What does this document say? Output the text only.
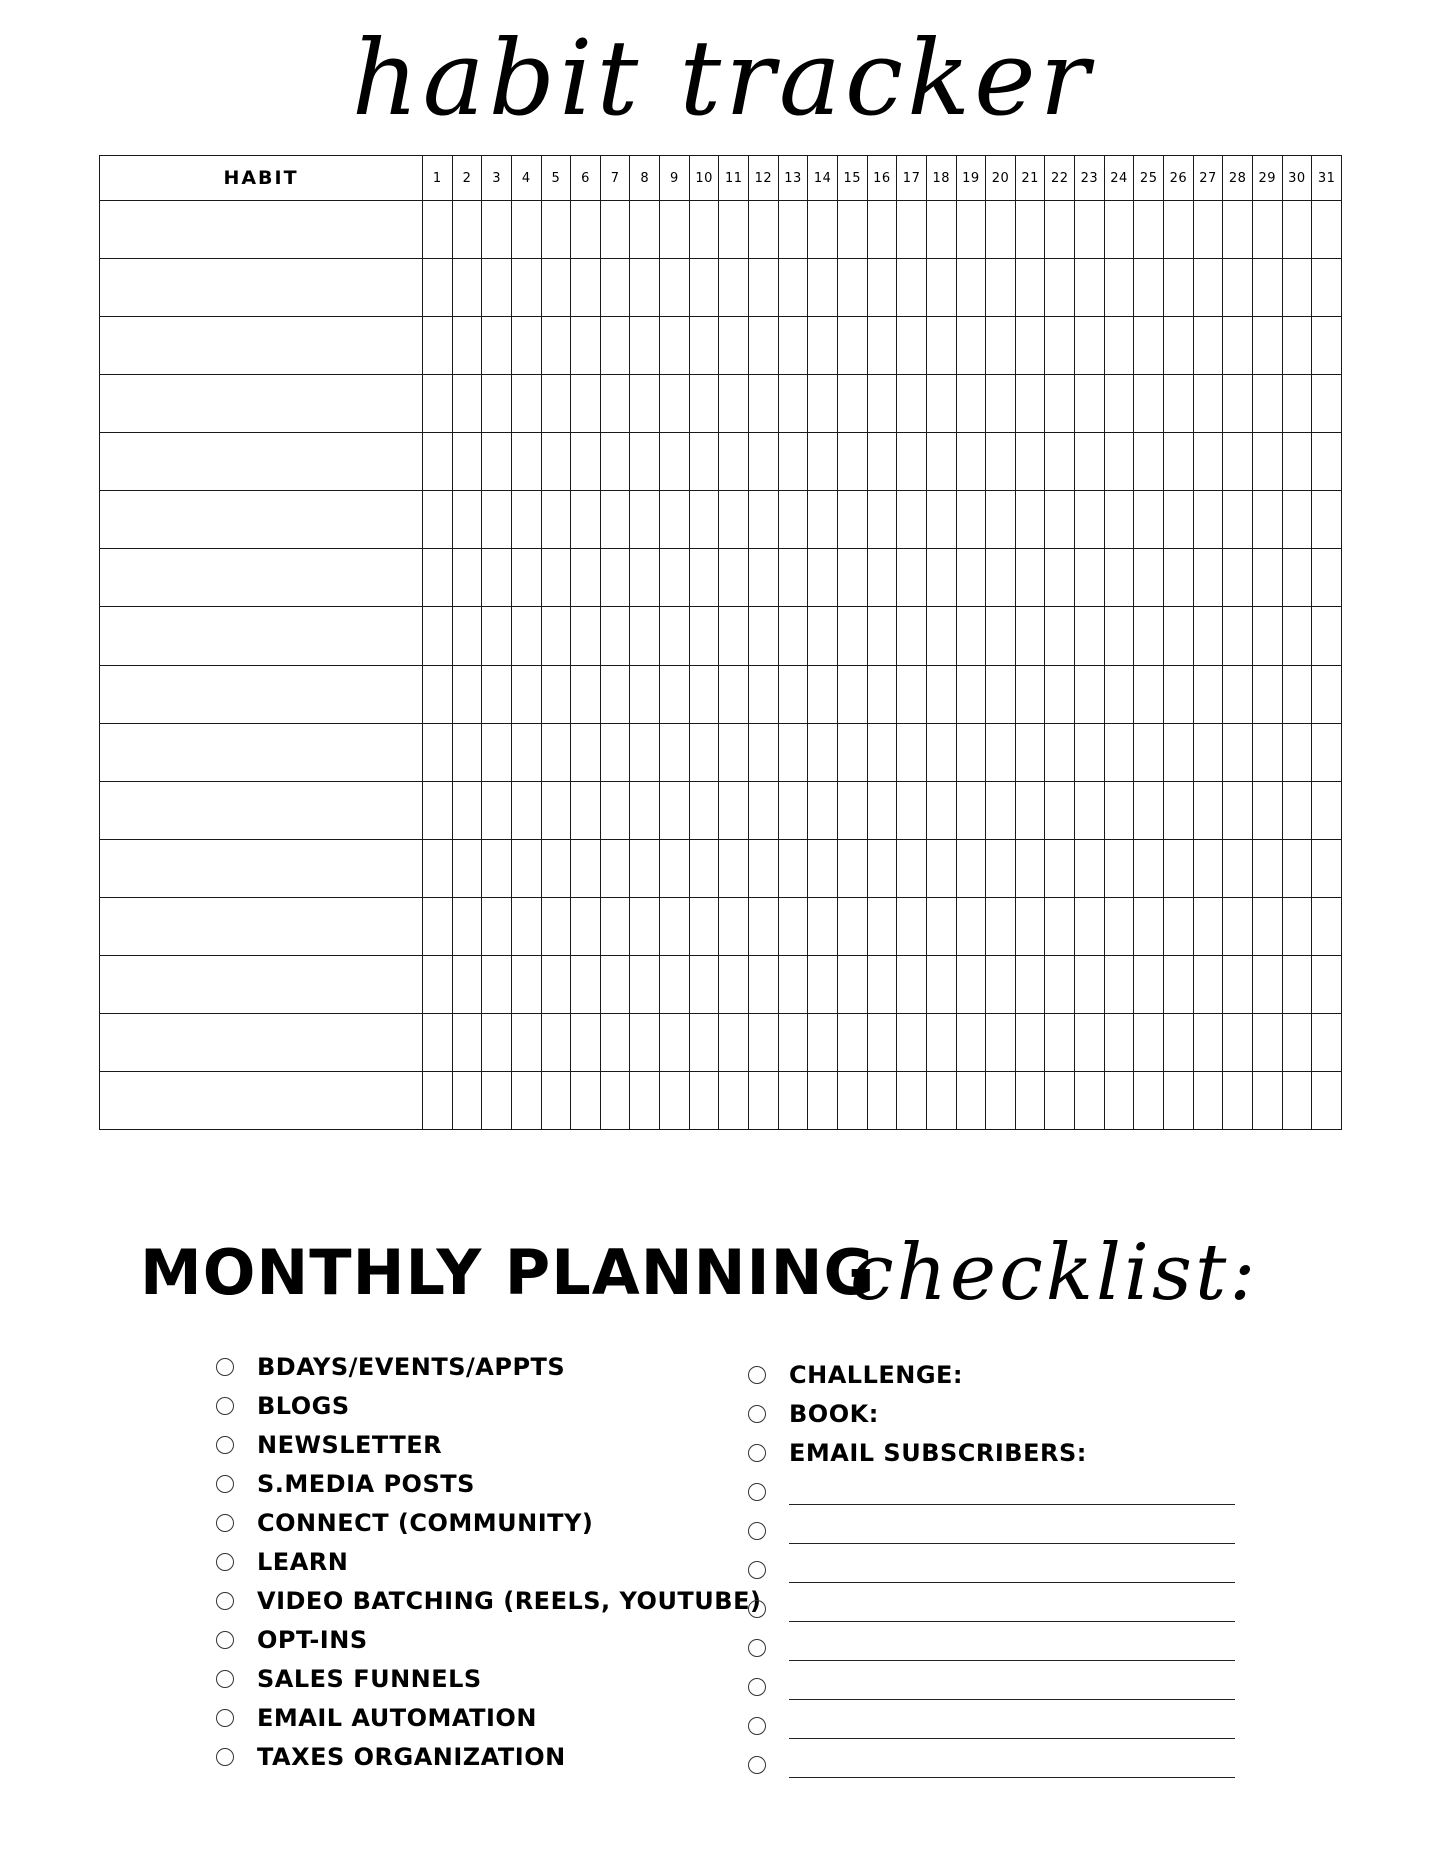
habit tracker
HABIT	1	2	3	4	5	6	7	8	9	10	11	12	13	14	15	16	17	18	19	20	21	22	23	24	25	26	27	28	29	30	31

MONTHLY PLANNING
checklist:
BDAYS/EVENTS/APPTS
BLOGS
NEWSLETTER
S.MEDIA POSTS
CONNECT (COMMUNITY)
LEARN
VIDEO BATCHING (REELS, YOUTUBE)
OPT-INS
SALES FUNNELS
EMAIL AUTOMATION
TAXES ORGANIZATION
CHALLENGE:
BOOK:
EMAIL SUBSCRIBERS:
